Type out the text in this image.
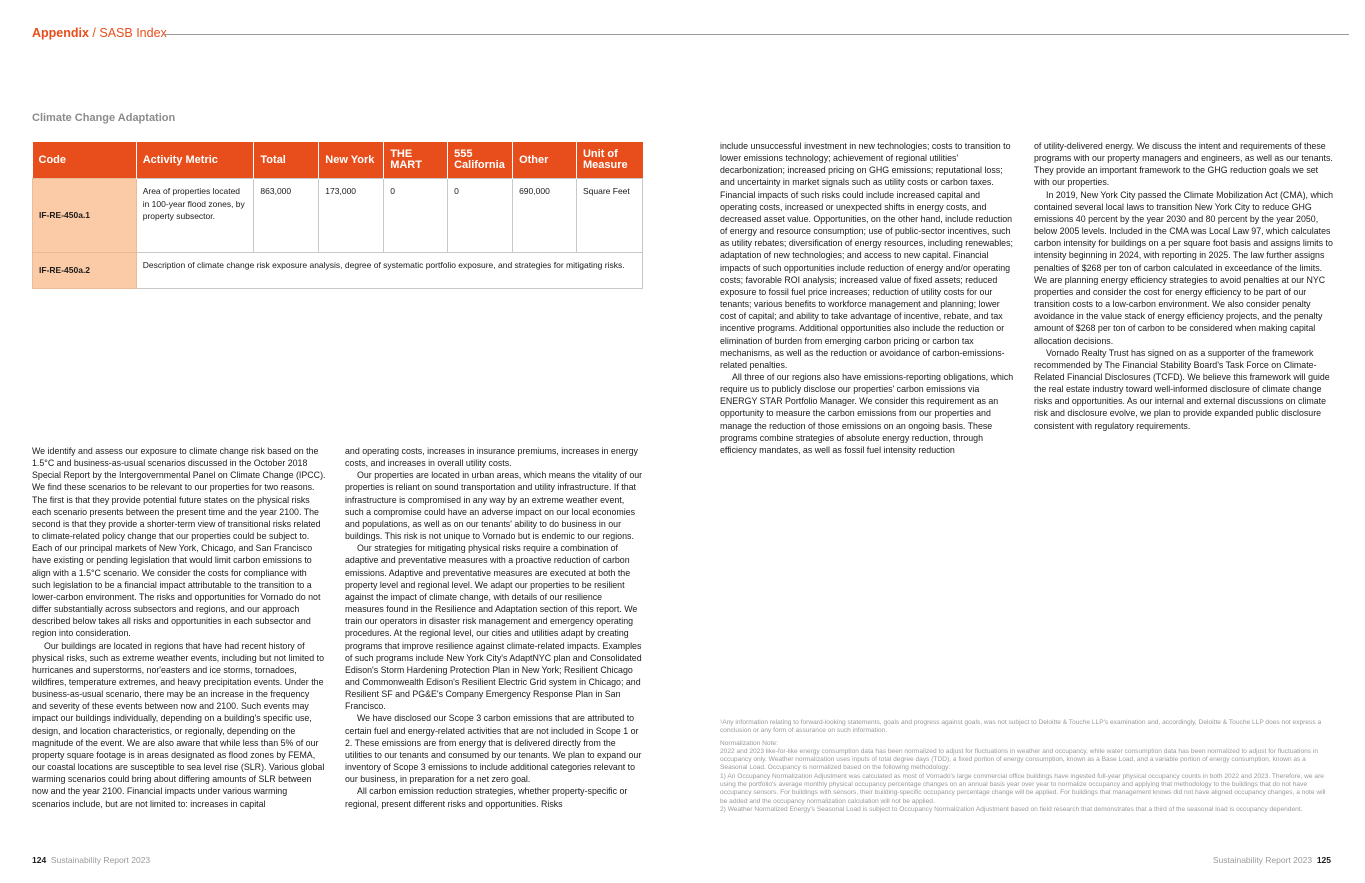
Appendix / SASB Index
Climate Change Adaptation
Code	Activity Metric	Total	New York	THE MART	555 California	Other	Unit of Measure
IF-RE-450a.1	Area of properties located in 100-year flood zones, by property subsector.	863,000	173,000	0	0	690,000	Square Feet
IF-RE-450a.2	Description of climate change risk exposure analysis, degree of systematic portfolio exposure, and strategies for mitigating risks.						

We identify and assess our exposure to climate change risk based on the 1.5°C and business-as-usual scenarios discussed in the October 2018 Special Report by the Intergovernmental Panel on Climate Change (IPCC). We find these scenarios to be relevant to our properties for two reasons. The first is that they provide potential future states on the physical risks each scenario presents between the present time and the year 2100. The second is that they provide a shorter-term view of transitional risks related to climate-related policy change that our properties could be subject to. Each of our principal markets of New York, Chicago, and San Francisco have existing or pending legislation that would limit carbon emissions to align with a 1.5°C scenario. We consider the costs for compliance with such legislation to be a financial impact attributable to the transition to a lower-carbon environment. The risks and opportunities for Vornado do not differ substantially across subsectors and regions, and our approach described below takes all risks and opportunities in each subsector and region into consideration.

Our buildings are located in regions that have had recent history of physical risks, such as extreme weather events, including but not limited to hurricanes and superstorms, nor'easters and ice storms, tornadoes, wildfires, temperature extremes, and heavy precipitation events. Under the business-as-usual scenario, there may be an increase in the frequency and severity of these events between now and 2100. Such events may impact our buildings individually, depending on a building's specific use, design, and location characteristics, or regionally, depending on the magnitude of the event. We are also aware that while less than 5% of our property square footage is in areas designated as flood zones by FEMA, our coastal locations are susceptible to sea level rise (SLR). Various global warming scenarios could bring about differing amounts of SLR between now and the year 2100. Financial impacts under various warming scenarios include, but are not limited to: increases in capital

and operating costs, increases in insurance premiums, increases in energy costs, and increases in overall utility costs.

Our properties are located in urban areas, which means the vitality of our properties is reliant on sound transportation and utility infrastructure. If that infrastructure is compromised in any way by an extreme weather event, such a compromise could have an adverse impact on our local economies and populations, as well as on our tenants' ability to do business in our buildings. This risk is not unique to Vornado but is endemic to our regions.

Our strategies for mitigating physical risks require a combination of adaptive and preventative measures with a proactive reduction of carbon emissions. Adaptive and preventative measures are executed at both the property level and regional level. We adapt our properties to be resilient against the impact of climate change, with details of our resilience measures found in the Resilience and Adaptation section of this report. We train our operators in disaster risk management and emergency operating procedures. At the regional level, our cities and utilities adapt by creating programs that improve resilience against climate-related impacts. Examples of such programs include New York City's AdaptNYC plan and Consolidated Edison's Storm Hardening Protection Plan in New York; Resilient Chicago and Commonwealth Edison's Resilient Electric Grid system in Chicago; and Resilient SF and PG&E's Company Emergency Response Plan in San Francisco.

We have disclosed our Scope 3 carbon emissions that are attributed to certain fuel and energy-related activities that are not included in Scope 1 or 2. These emissions are from energy that is delivered directly from the utilities to our tenants and consumed by our tenants. We plan to expand our inventory of Scope 3 emissions to include additional categories relevant to our business, in preparation for a net zero goal.

All carbon emission reduction strategies, whether property-specific or regional, present different risks and opportunities. Risks

include unsuccessful investment in new technologies; costs to transition to lower emissions technology; achievement of regional utilities' decarbonization; increased pricing on GHG emissions; reputational loss; and uncertainty in market signals such as utility costs or carbon taxes. Financial impacts of such risks could include increased capital and operating costs, increased or unexpected shifts in energy costs, and decreased asset value. Opportunities, on the other hand, include reduction of energy and resource consumption; use of public-sector incentives, such as utility rebates; diversification of energy resources, including renewables; adaptation of new technologies; and access to new capital. Financial impacts of such opportunities include reduction of energy and/or operating costs; favorable ROI analysis; increased value of fixed assets; reduced exposure to fossil fuel price increases; reduction of utility costs for our tenants; various benefits to workforce management and planning; lower cost of capital; and ability to take advantage of incentive, rebate, and tax incentive programs. Additional opportunities also include the reduction or elimination of burden from emerging carbon pricing or carbon tax mechanisms, as well as the reduction or avoidance of carbon-emissions-related penalties.

All three of our regions also have emissions-reporting obligations, which require us to publicly disclose our properties' carbon emissions via ENERGY STAR Portfolio Manager. We consider this requirement as an opportunity to measure the carbon emissions from our properties and manage the reduction of those emissions on an ongoing basis. These programs combine strategies of absolute energy reduction, through efficiency mandates, as well as fossil fuel intensity reduction

of utility-delivered energy. We discuss the intent and requirements of these programs with our property managers and engineers, as well as our tenants. They provide an important framework to the GHG reduction goals we set with our properties.

In 2019, New York City passed the Climate Mobilization Act (CMA), which contained several local laws to transition New York City to reduce GHG emissions 40 percent by the year 2030 and 80 percent by the year 2050, below 2005 levels. Included in the CMA was Local Law 97, which calculates carbon intensity for buildings on a per square foot basis and assigns limits to intensity beginning in 2024, with reporting in 2025. The law further assigns penalties of $268 per ton of carbon calculated in exceedance of the limits. We are planning energy efficiency strategies to avoid penalties at our NYC properties and consider the cost for energy efficiency to be part of our transition costs to a low-carbon environment. We also consider penalty avoidance in the value stack of energy efficiency projects, and the penalty amount of $268 per ton of carbon to be considered when making capital allocation decisions.

Vornado Realty Trust has signed on as a supporter of the framework recommended by The Financial Stability Board's Task Force on Climate-Related Financial Disclosures (TCFD). We believe this framework will guide the real estate industry toward well-informed disclosure of climate change risks and opportunities. As our internal and external discussions on climate risk and disclosure evolve, we plan to provide expanded public disclosure consistent with regulatory requirements.

¹Any information relating to forward-looking statements, goals and progress against goals, was not subject to Deloitte & Touche LLP's examination and, accordingly, Deloitte & Touche LLP does not express a conclusion or any form of assurance on such information.

Normalization Note:

2022 and 2023 like-for-like energy consumption data has been normalized to adjust for fluctuations in weather and occupancy, while water consumption data has been normalized to adjust for fluctuations in occupancy only. Weather normalization uses inputs of total degree days (TDD), a fixed portion of energy consumption, known as a Base Load, and a variable portion of energy consumption, known as a Seasonal Load. Occupancy is normalized based on the following methodology:

1) An Occupancy Normalization Adjustment was calculated as most of Vornado's large commercial office buildings have ingested full-year physical occupancy counts in both 2022 and 2023. Therefore, we are using the portfolio's average monthly physical occupancy percentage changes on an annual basis year over year to normalize occupancy and applying that methodology to the buildings that do not have occupancy sensors. For buildings with sensors, their building-specific occupancy percentage change will be applied. For buildings that management knows did not have aligned occupancy changes, a note will be added and the occupancy normalization calculation will not be applied.

2) Weather Normalized Energy's Seasonal Load is subject to Occupancy Normalization Adjustment based on field research that demonstrates that a third of the seasonal load is occupancy dependent.

124 Sustainability Report 2023	Sustainability Report 2023 125
